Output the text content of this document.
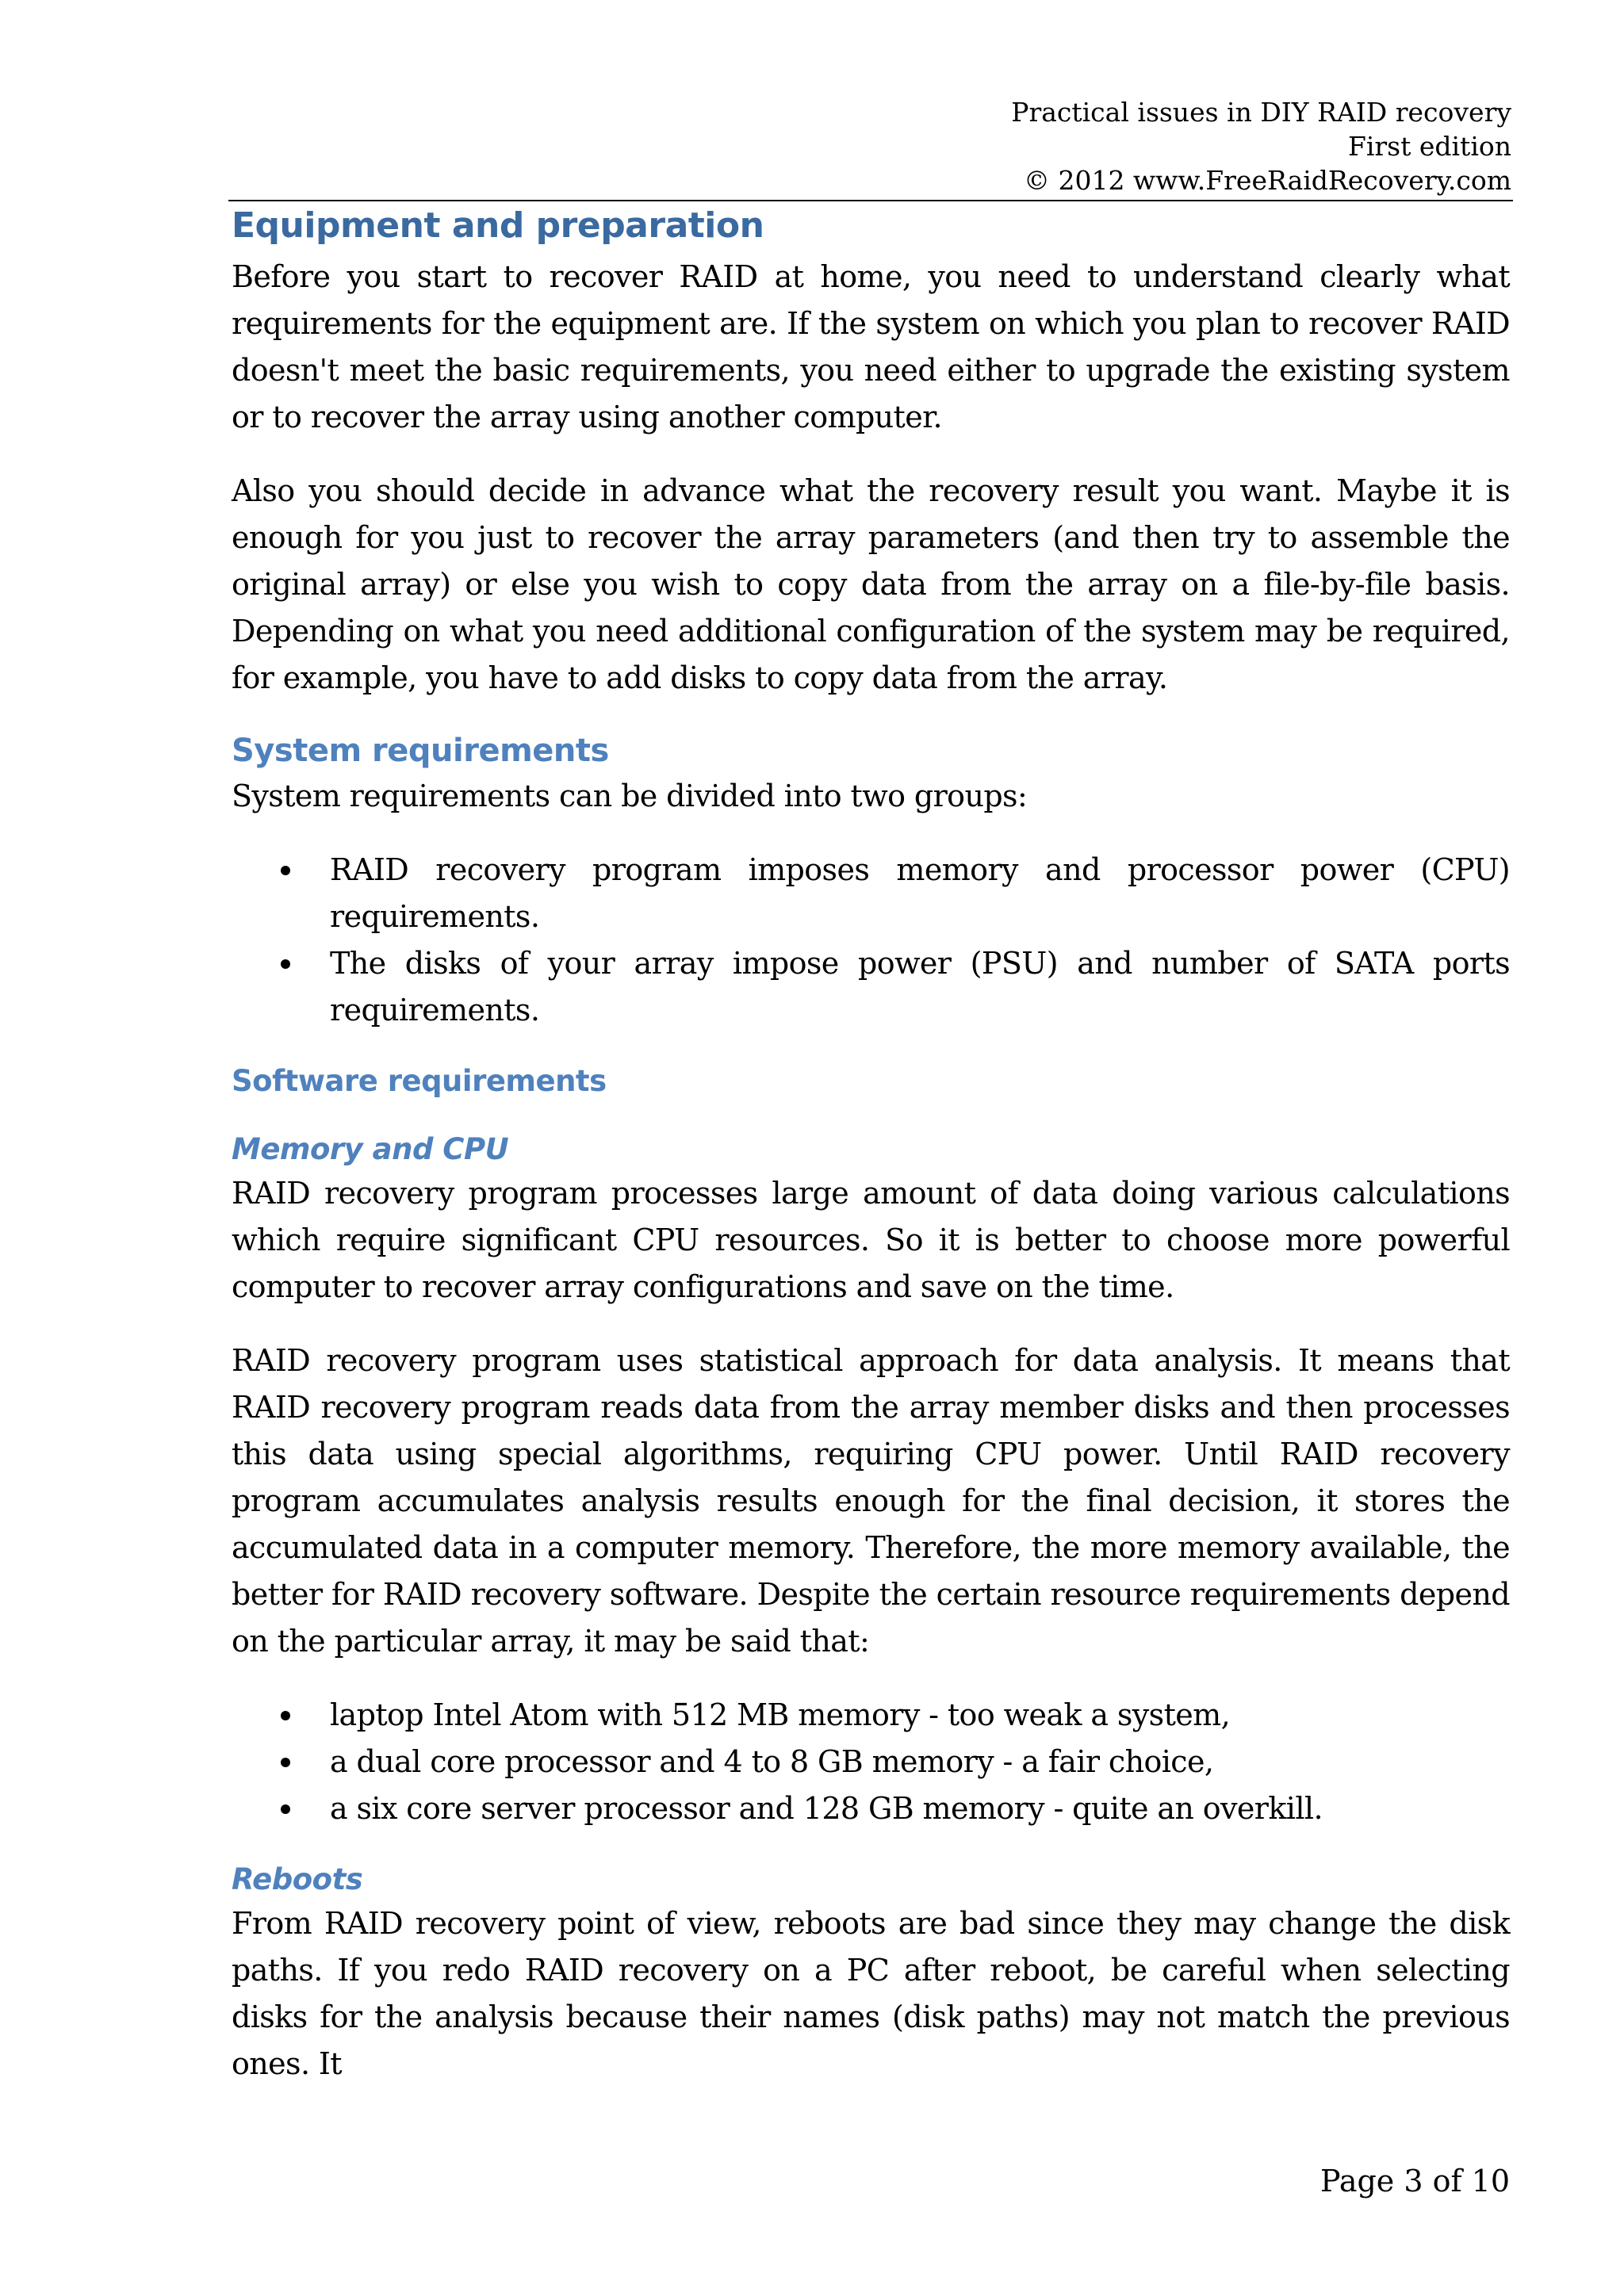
Practical issues in DIY RAID recovery
First edition
© 2012 www.FreeRaidRecovery.com
Equipment and preparation

Before you start to recover RAID at home, you need to understand clearly what requirements for the equipment are. If the system on which you plan to recover RAID doesn't meet the basic requirements, you need either to upgrade the existing system or to recover the array using another computer.

Also you should decide in advance what the recovery result you want. Maybe it is enough for you just to recover the array parameters (and then try to assemble the original array) or else you wish to copy data from the array on a file-by-file basis. Depending on what you need additional configuration of the system may be required, for example, you have to add disks to copy data from the array.

System requirements

System requirements can be divided into two groups:

RAID recovery program imposes memory and processor power (CPU) requirements.
The disks of your array impose power (PSU) and number of SATA ports requirements.
Software requirements
Memory and CPU

RAID recovery program processes large amount of data doing various calculations which require significant CPU resources. So it is better to choose more powerful computer to recover array configurations and save on the time.

RAID recovery program uses statistical approach for data analysis. It means that RAID recovery program reads data from the array member disks and then processes this data using special algorithms, requiring CPU power. Until RAID recovery program accumulates analysis results enough for the final decision, it stores the accumulated data in a computer memory. Therefore, the more memory available, the better for RAID recovery software. Despite the certain resource requirements depend on the particular array, it may be said that:

laptop Intel Atom with 512 MB memory - too weak a system,
a dual core processor and 4 to 8 GB memory - a fair choice,
a six core server processor and 128 GB memory - quite an overkill.
Reboots

From RAID recovery point of view, reboots are bad since they may change the disk paths. If you redo RAID recovery on a PC after reboot, be careful when selecting disks for the analysis because their names (disk paths) may not match the previous ones. It

Page 3 of 10
